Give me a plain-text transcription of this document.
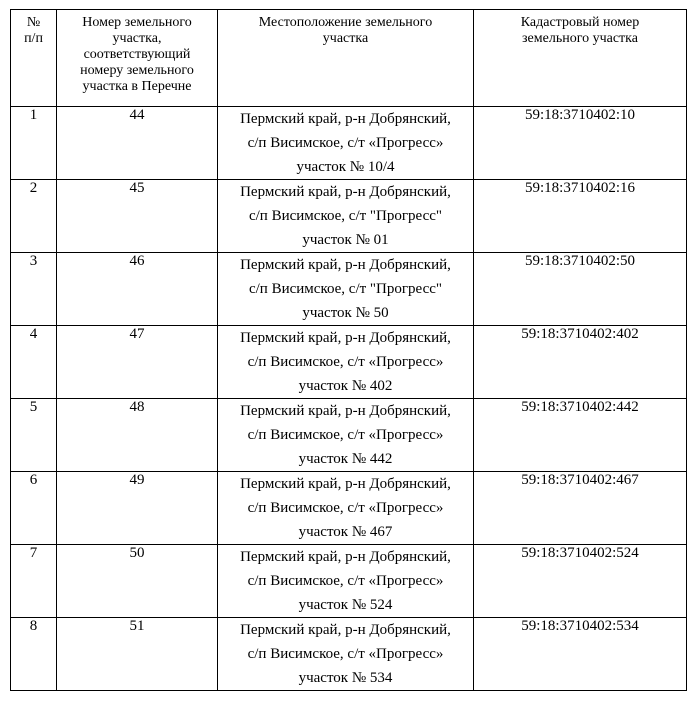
№
п/п	Номер земельного
участка,
соответствующий
номеру земельного
участка в Перечне	Местоположение земельного
участка	Кадастровый номер
земельного участка
1	44	Пермский край, р-н Добрянский,
с/п Висимское, с/т «Прогресс»
участок № 10/4	59:18:3710402:10
2	45	Пермский край, р-н Добрянский,
с/п Висимское, с/т "Прогресс"
участок № 01	59:18:3710402:16
3	46	Пермский край, р-н Добрянский,
с/п Висимское, с/т "Прогресс"
участок № 50	59:18:3710402:50
4	47	Пермский край, р-н Добрянский,
с/п Висимское, с/т «Прогресс»
участок № 402	59:18:3710402:402
5	48	Пермский край, р-н Добрянский,
с/п Висимское, с/т «Прогресс»
участок № 442	59:18:3710402:442
6	49	Пермский край, р-н Добрянский,
с/п Висимское, с/т «Прогресс»
участок № 467	59:18:3710402:467
7	50	Пермский край, р-н Добрянский,
с/п Висимское, с/т «Прогресс»
участок № 524	59:18:3710402:524
8	51	Пермский край, р-н Добрянский,
с/п Висимское, с/т «Прогресс»
участок № 534	59:18:3710402:534
